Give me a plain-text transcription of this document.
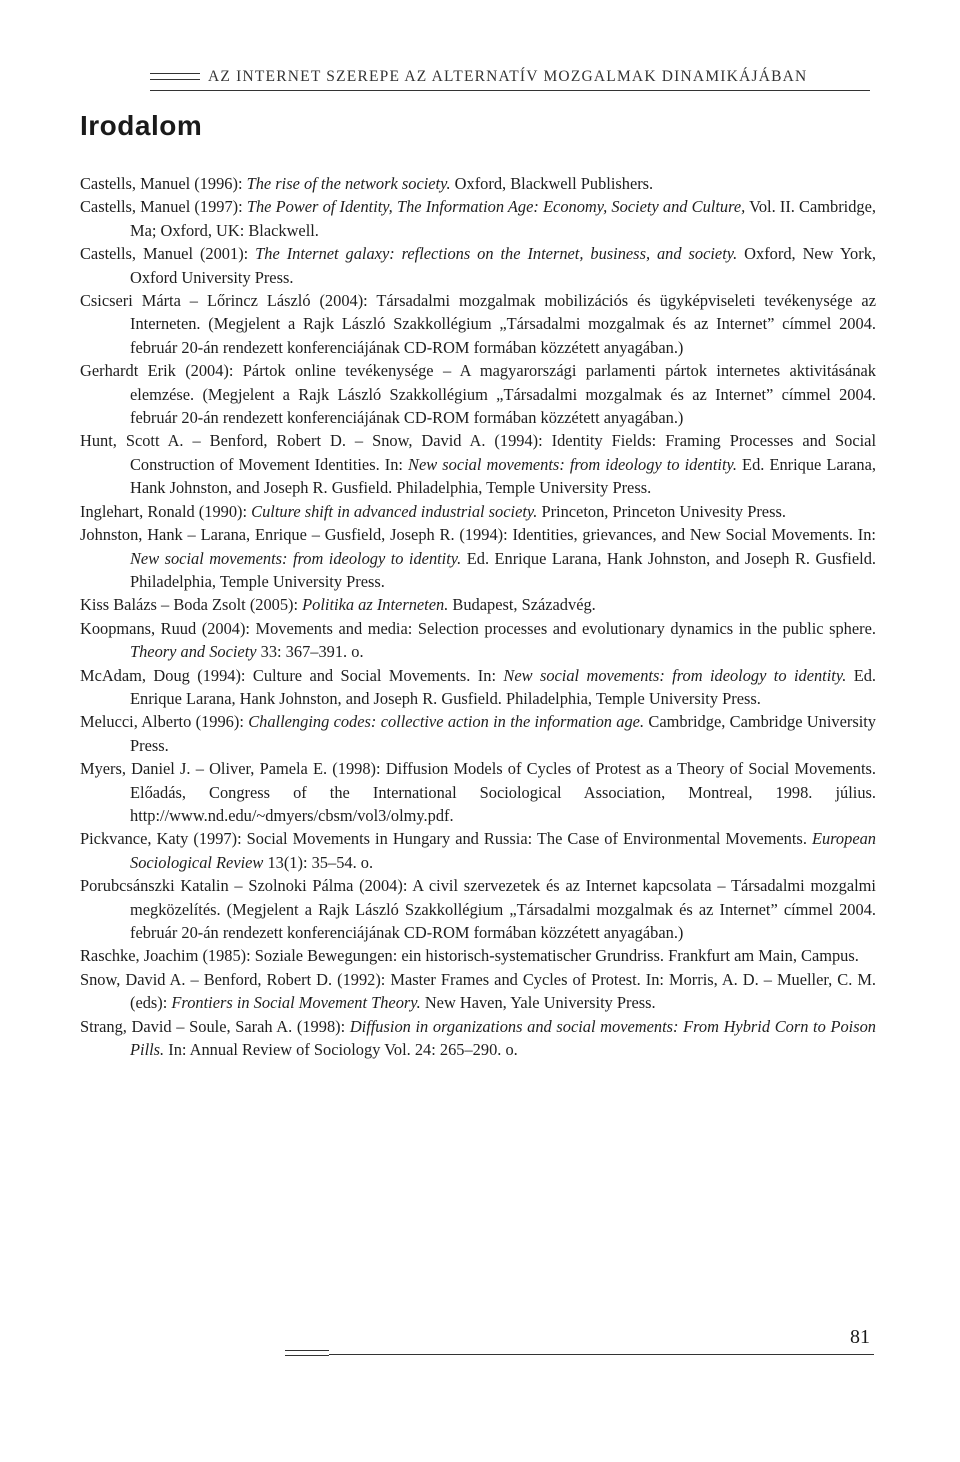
AZ INTERNET SZEREPE AZ ALTERNATÍV MOZGALMAK DINAMIKÁJÁBAN
Irodalom
Castells, Manuel (1996): The rise of the network society. Oxford, Blackwell Publishers.
Castells, Manuel (1997): The Power of Identity, The Information Age: Economy, Society and Culture, Vol. II. Cambridge, Ma; Oxford, UK: Blackwell.
Castells, Manuel (2001): The Internet galaxy: reflections on the Internet, business, and society. Oxford, New York, Oxford University Press.
Csicseri Márta – Lőrincz László (2004): Társadalmi mozgalmak mobilizációs és ügyképviseleti tevékenysége az Interneten. (Megjelent a Rajk László Szakkollégium „Társadalmi mozgalmak és az Internet” címmel 2004. február 20-án rendezett konferenciájának CD-ROM formában közzétett anyagában.)
Gerhardt Erik (2004): Pártok online tevékenysége – A magyarországi parlamenti pártok internetes aktivitásának elemzése. (Megjelent a Rajk László Szakkollégium „Társadalmi mozgalmak és az Internet” címmel 2004. február 20-án rendezett konferenciájának CD-ROM formában közzétett anyagában.)
Hunt, Scott A. – Benford, Robert D. – Snow, David A. (1994): Identity Fields: Framing Processes and Social Construction of Movement Identities. In: New social movements: from ideology to identity. Ed. Enrique Larana, Hank Johnston, and Joseph R. Gusfield. Philadelphia, Temple University Press.
Inglehart, Ronald (1990): Culture shift in advanced industrial society. Princeton, Princeton Univesity Press.
Johnston, Hank – Larana, Enrique – Gusfield, Joseph R. (1994): Identities, grievances, and New Social Movements. In: New social movements: from ideology to identity. Ed. Enrique Larana, Hank Johnston, and Joseph R. Gusfield. Philadelphia, Temple University Press.
Kiss Balázs – Boda Zsolt (2005): Politika az Interneten. Budapest, Századvég.
Koopmans, Ruud (2004): Movements and media: Selection processes and evolutionary dynamics in the public sphere. Theory and Society 33: 367–391. o.
McAdam, Doug (1994): Culture and Social Movements. In: New social movements: from ideology to identity. Ed. Enrique Larana, Hank Johnston, and Joseph R. Gusfield. Philadelphia, Temple University Press.
Melucci, Alberto (1996): Challenging codes: collective action in the information age. Cambridge, Cambridge University Press.
Myers, Daniel J. – Oliver, Pamela E. (1998): Diffusion Models of Cycles of Protest as a Theory of Social Movements. Előadás, Congress of the International Sociological Association, Montreal, 1998. július. http://www.nd.edu/~dmyers/cbsm/vol3/olmy.pdf.
Pickvance, Katy (1997): Social Movements in Hungary and Russia: The Case of Environmental Movements. European Sociological Review 13(1): 35–54. o.
Porubcsánszki Katalin – Szolnoki Pálma (2004): A civil szervezetek és az Internet kapcsolata – Társadalmi mozgalmi megközelítés. (Megjelent a Rajk László Szakkollégium „Társadalmi mozgalmak és az Internet” címmel 2004. február 20-án rendezett konferenciájának CD-ROM formában közzétett anyagában.)
Raschke, Joachim (1985): Soziale Bewegungen: ein historisch-systematischer Grundriss. Frankfurt am Main, Campus.
Snow, David A. – Benford, Robert D. (1992): Master Frames and Cycles of Protest. In: Morris, A. D. – Mueller, C. M. (eds): Frontiers in Social Movement Theory. New Haven, Yale University Press.
Strang, David – Soule, Sarah A. (1998): Diffusion in organizations and social movements: From Hybrid Corn to Poison Pills. In: Annual Review of Sociology Vol. 24: 265–290. o.
81
